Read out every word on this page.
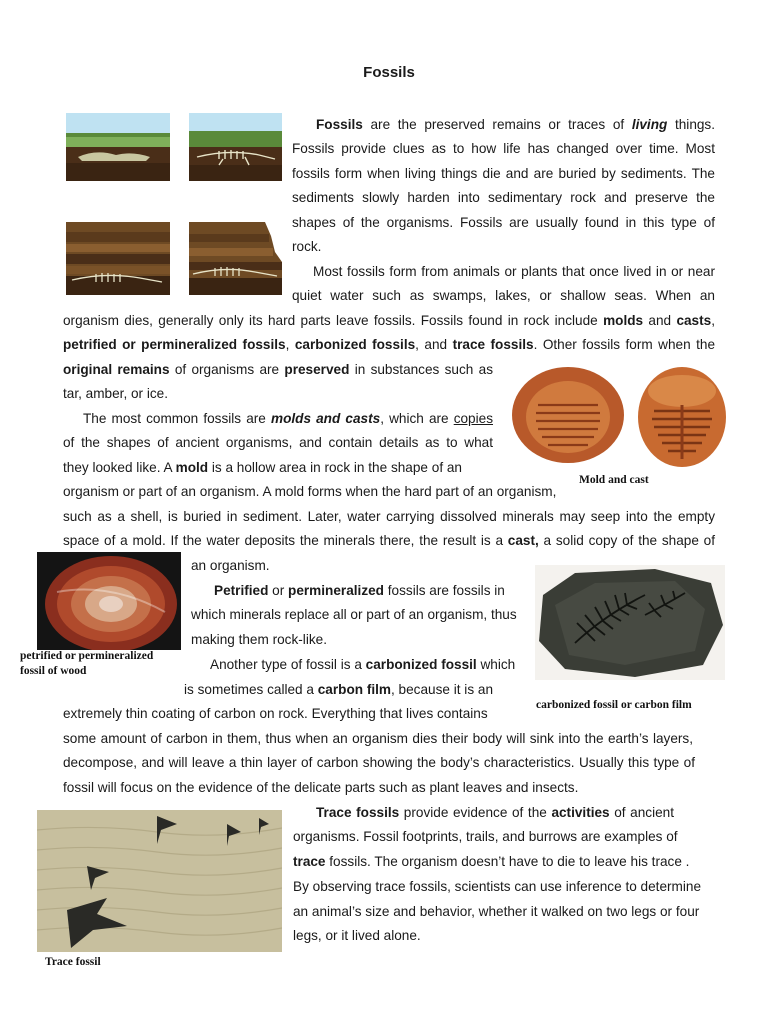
Fossils
Fossils are the preserved remains or traces of living things.
Fossils provide clues as to how life has changed over time. Most
fossils form when living things die and are buried by sediments. The
sediments slowly harden into sedimentary rock and preserve the
shapes of the organisms. Fossils are usually found in this type of
rock.
Most fossils form from animals or plants that once lived in or near
quiet water such as swamps, lakes, or shallow seas. When an
organism dies, generally only its hard parts leave fossils. Fossils found in rock include molds and casts,
petrified or permineralized fossils, carbonized fossils, and trace fossils. Other fossils form when the
original remains of organisms are preserved in substances such as
tar, amber, or ice.
Mold and cast
The most common fossils are molds and casts, which are copies
of the shapes of ancient organisms, and contain details as to what
they looked like. A mold is a hollow area in rock in the shape of an
organism or part of an organism. A mold forms when the hard part of an organism,
such as a shell, is buried in sediment. Later, water carrying dissolved minerals may seep into the empty
space of a mold. If the water deposits the minerals there, the result is a cast, a solid copy of the shape of
an organism.
petrified or permineralized
fossil of wood
Petrified or permineralized fossils are fossils in
which minerals replace all or part of an organism, thus
making them rock-like.
carbonized fossil or carbon film
Another type of fossil is a carbonized fossil which
is sometimes called a carbon film, because it is an
extremely thin coating of carbon on rock. Everything that lives contains
some amount of carbon in them, thus when an organism dies their body will sink into the earth’s layers,
decompose, and will leave a thin layer of carbon showing the body’s characteristics. Usually this type of
fossil will focus on the evidence of the delicate parts such as plant leaves and insects.
Trace fossil
Trace fossils provide evidence of the activities of ancient
organisms. Fossil footprints, trails, and burrows are examples of
trace fossils. The organism doesn’t have to die to leave his trace .
By observing trace fossils, scientists can use inference to determine
an animal’s size and behavior, whether it walked on two legs or four
legs, or it lived alone.
